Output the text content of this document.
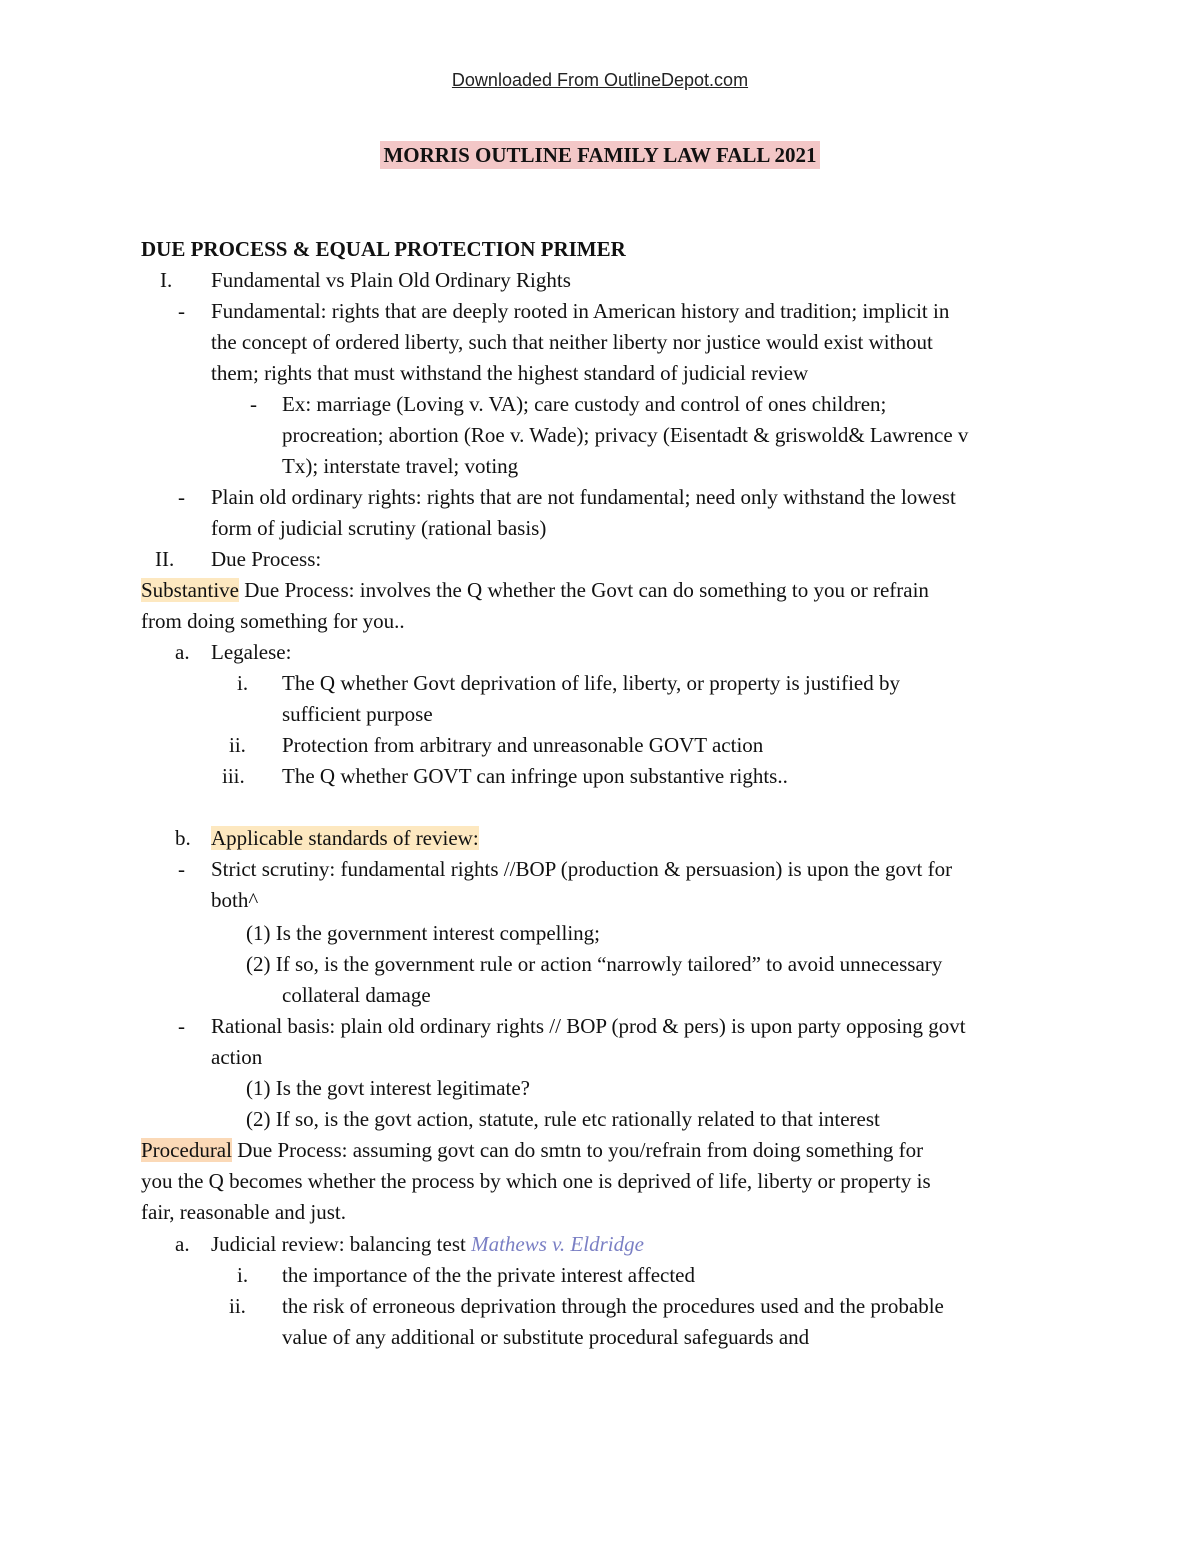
Downloaded From OutlineDepot.com
MORRIS OUTLINE FAMILY LAW FALL 2021
DUE PROCESS & EQUAL PROTECTION PRIMER
I. Fundamental vs Plain Old Ordinary Rights
- Fundamental: rights that are deeply rooted in American history and tradition; implicit in
the concept of ordered liberty, such that neither liberty nor justice would exist without
them; rights that must withstand the highest standard of judicial review
- Ex: marriage (Loving v. VA); care custody and control of ones children;
procreation; abortion (Roe v. Wade); privacy (Eisentadt & griswold& Lawrence v
Tx); interstate travel; voting
- Plain old ordinary rights: rights that are not fundamental; need only withstand the lowest
form of judicial scrutiny (rational basis)
II. Due Process:
Substantive Due Process: involves the Q whether the Govt can do something to you or refrain
from doing something for you..
a. Legalese:
i. The Q whether Govt deprivation of life, liberty, or property is justified by
sufficient purpose
ii. Protection from arbitrary and unreasonable GOVT action
iii. The Q whether GOVT can infringe upon substantive rights..
b. Applicable standards of review:
- Strict scrutiny: fundamental rights //BOP (production & persuasion) is upon the govt for
both^
(1) Is the government interest compelling;
(2) If so, is the government rule or action “narrowly tailored” to avoid unnecessary
collateral damage
- Rational basis: plain old ordinary rights // BOP (prod & pers) is upon party opposing govt
action
(1) Is the govt interest legitimate?
(2) If so, is the govt action, statute, rule etc rationally related to that interest
Procedural Due Process: assuming govt can do smtn to you/refrain from doing something for
you the Q becomes whether the process by which one is deprived of life, liberty or property is
fair, reasonable and just.
a. Judicial review: balancing test Mathews v. Eldridge
i. the importance of the the private interest affected
ii. the risk of erroneous deprivation through the procedures used and the probable
value of any additional or substitute procedural safeguards and
